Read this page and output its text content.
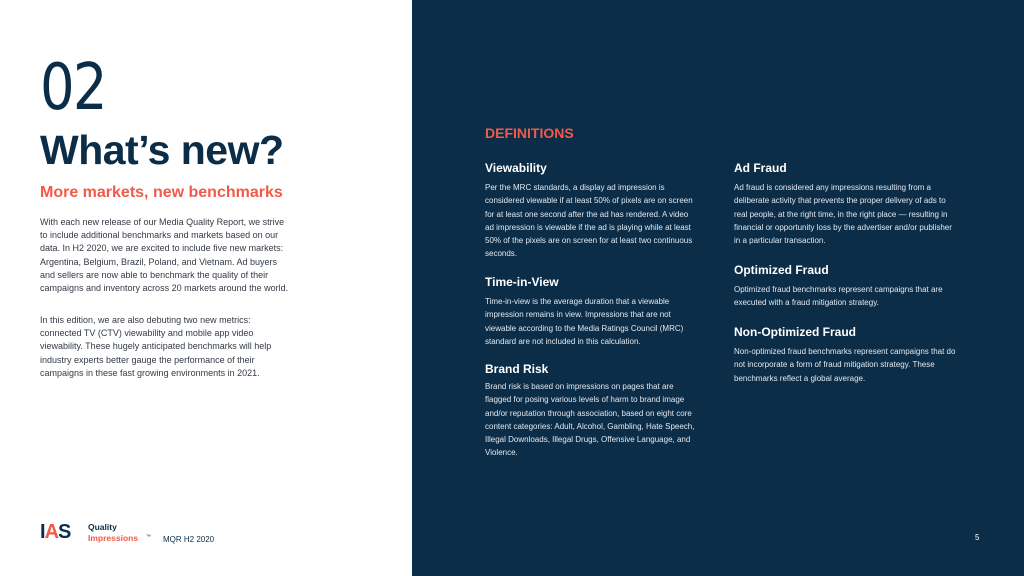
02
What’s new?
More markets, new benchmarks

With each new release of our Media Quality Report, we strive to include additional benchmarks and markets based on our data. In H2 2020, we are excited to include five new markets: Argentina, Belgium, Brazil, Poland, and Vietnam. Ad buyers and sellers are now able to benchmark the quality of their campaigns and inventory across 20 markets around the world.

In this edition, we are also debuting two new metrics: connected TV (CTV) viewability and mobile app video viewability. These hugely anticipated benchmarks will help industry experts better gauge the performance of their campaigns in these fast growing environments in 2021.

IAS Quality
Impressions ™ MQR H2 2020
DEFINITIONS
Viewability

Per the MRC standards, a display ad impression is considered viewable if at least 50% of pixels are on screen for at least one second after the ad has rendered. A video ad impression is viewable if the ad is playing while at least 50% of the pixels are on screen for at least two continuous seconds.

Time-in-View

Time-in-view is the average duration that a viewable impression remains in view. Impressions that are not viewable according to the Media Ratings Council (MRC) standard are not included in this calculation.

Brand Risk

Brand risk is based on impressions on pages that are flagged for posing various levels of harm to brand image and/or reputation through association, based on eight core content categories: Adult, Alcohol, Gambling, Hate Speech, Illegal Downloads, Illegal Drugs, Offensive Language, and Violence.

Ad Fraud

Ad fraud is considered any impressions resulting from a deliberate activity that prevents the proper delivery of ads to real people, at the right time, in the right place — resulting in financial or opportunity loss by the advertiser and/or publisher in a particular transaction.

Optimized Fraud

Optimized fraud benchmarks represent campaigns that are executed with a fraud mitigation strategy.

Non-Optimized Fraud

Non-optimized fraud benchmarks represent campaigns that do not incorporate a form of fraud mitigation strategy. These benchmarks reflect a global average.

5
